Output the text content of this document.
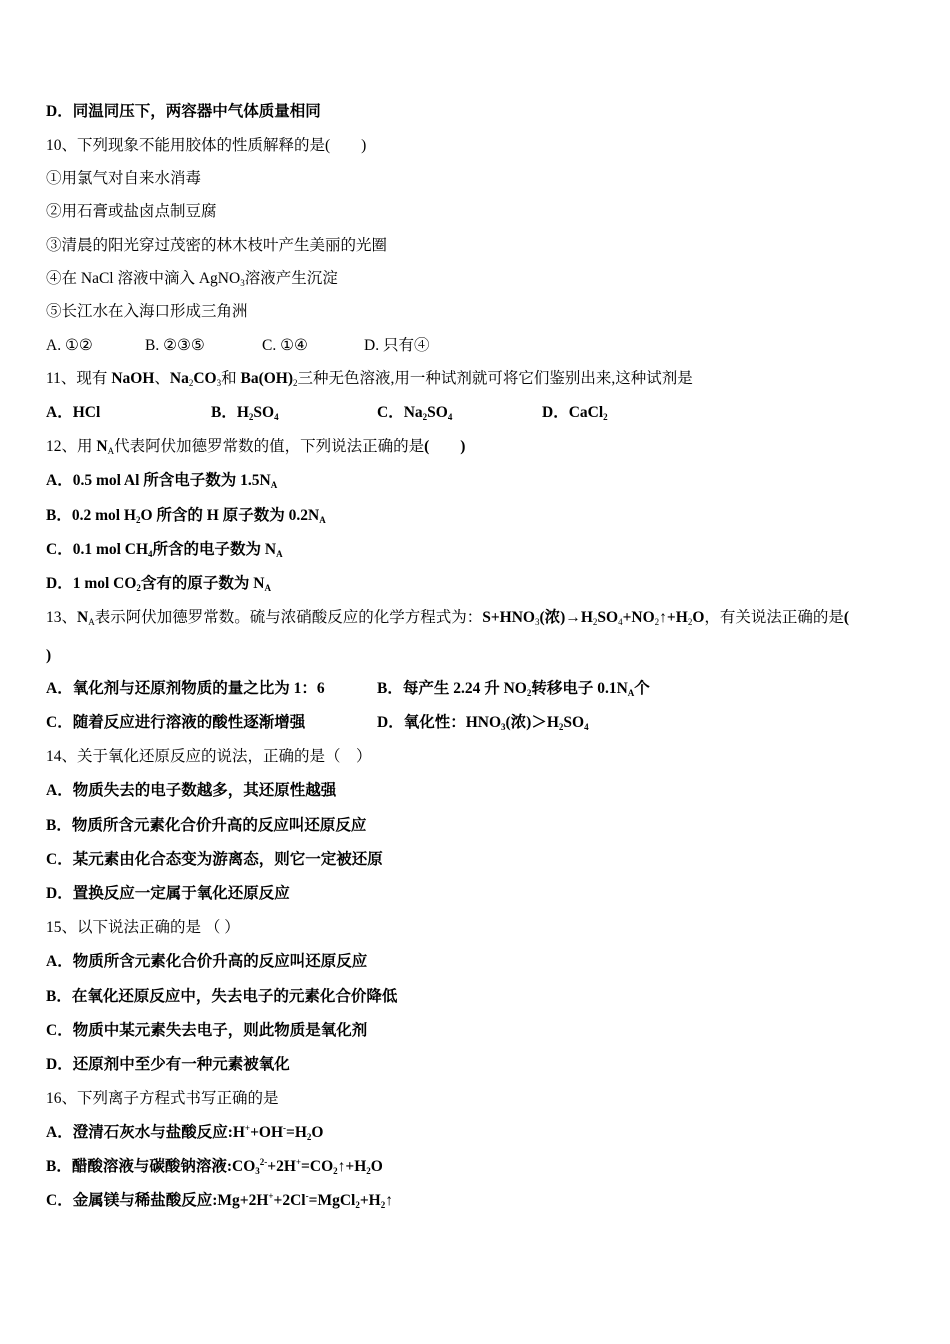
D．同温同压下，两容器中气体质量相同
10、下列现象不能用胶体的性质解释的是(　　)
①用氯气对自来水消毒
②用石膏或盐卤点制豆腐
③清晨的阳光穿过茂密的林木枝叶产生美丽的光圈
④在 NaCl 溶液中滴入 AgNO$_3$溶液产生沉淀
⑤长江水在入海口形成三角洲
A. ①②	B. ②③⑤	C. ①④	D. 只有④
11、现有 NaOH、$Na_2CO_3$和 $Ba(OH)_2$三种无色溶液,用一种试剂就可将它们鉴别出来,这种试剂是
A．HCl	B．$H_2SO_4$	C．$Na_2SO_4$	D．CaCl$_2$
12、用 $N_A$代表阿伏加德罗常数的值，下列说法正确的是(　　)
A．0.5 mol Al 所含电子数为 $1.5N_A$
B．0.2 mol $H_2O$ 所含的 H 原子数为 $0.2N_A$
C．0.1 mol $CH_4$所含的电子数为 $N_A$
D．1 mol $CO_2$含有的原子数为 $N_A$
13、$N_A$表示阿伏加德罗常数。硫与浓硝酸反应的化学方程式为：$S+HNO_3$(浓)$\to H_2SO_4+NO_2↑+H_2O$，有关说法正确的是(
)
A．氧化剂与还原剂物质的量之比为 1：6	B．每产生 2.24 升 $NO_2$转移电子 $0.1N_A$个
C．随着反应进行溶液的酸性逐渐增强	D．氧化性：$HNO_3$(浓)$>H_2SO_4$
14、关于氧化还原反应的说法，正确的是（　）
A．物质失去的电子数越多，其还原性越强
B．物质所含元素化合价升高的反应叫还原反应
C．某元素由化合态变为游离态，则它一定被还原
D．置换反应一定属于氧化还原反应
15、以下说法正确的是 （ ）
A．物质所含元素化合价升高的反应叫还原反应
B．在氧化还原反应中，失去电子的元素化合价降低
C．物质中某元素失去电子，则此物质是氧化剂
D．还原剂中至少有一种元素被氧化
16、下列离子方程式书写正确的是
A．澄清石灰水与盐酸反应$:H^++OH^-=H_2O$
B．醋酸溶液与碳酸钠溶液$:CO_3^{2-}+2H^+=CO_2↑+H_2O$
C．金属镁与稀盐酸反应$:Mg+2H^++2Cl^-=MgCl_2+H_2↑$
